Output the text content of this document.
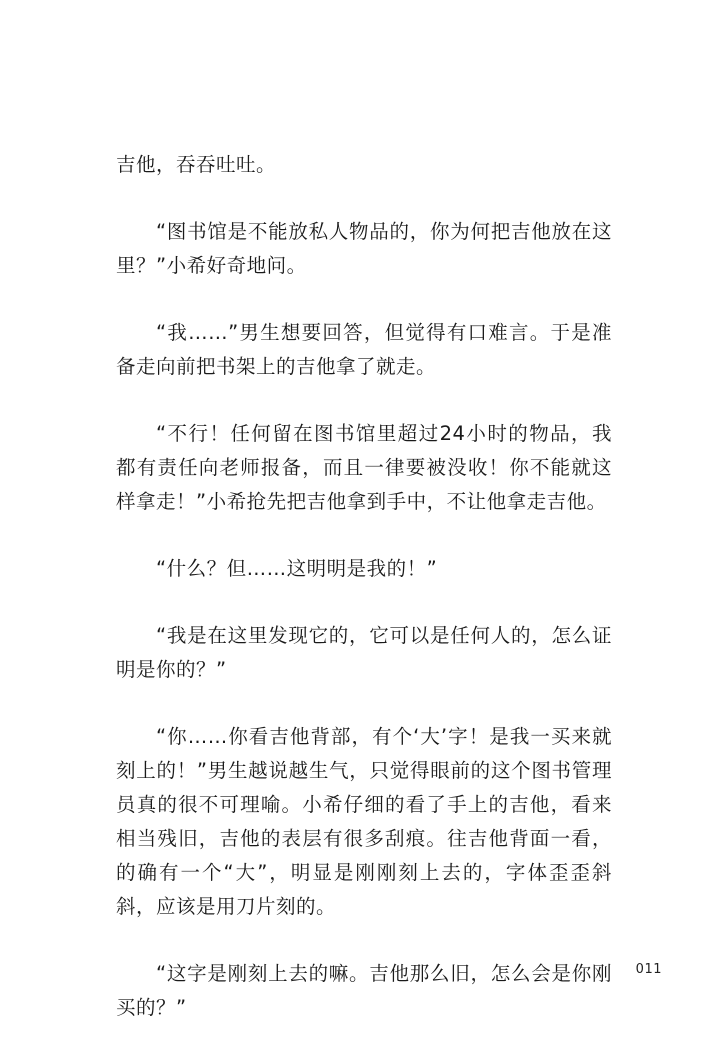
吉他，吞吞吐吐。

“图书馆是不能放私人物品的，你为何把吉他放在这里？”小希好奇地问。

“我……”男生想要回答，但觉得有口难言。于是准备走向前把书架上的吉他拿了就走。

“不行！任何留在图书馆里超过24小时的物品，我都有责任向老师报备，而且一律要被没收！你不能就这样拿走！”小希抢先把吉他拿到手中，不让他拿走吉他。

“什么？但……这明明是我的！”

“我是在这里发现它的，它可以是任何人的，怎么证明是你的？”

“你……你看吉他背部，有个‘大’字！是我一买来就刻上的！”男生越说越生气，只觉得眼前的这个图书管理员真的很不可理喻。小希仔细的看了手上的吉他，看来相当残旧，吉他的表层有很多刮痕。往吉他背面一看，的确有一个“大”，明显是刚刚刻上去的，字体歪歪斜斜，应该是用刀片刻的。

“这字是刚刻上去的嘛。吉他那么旧，怎么会是你刚买的？”

011
